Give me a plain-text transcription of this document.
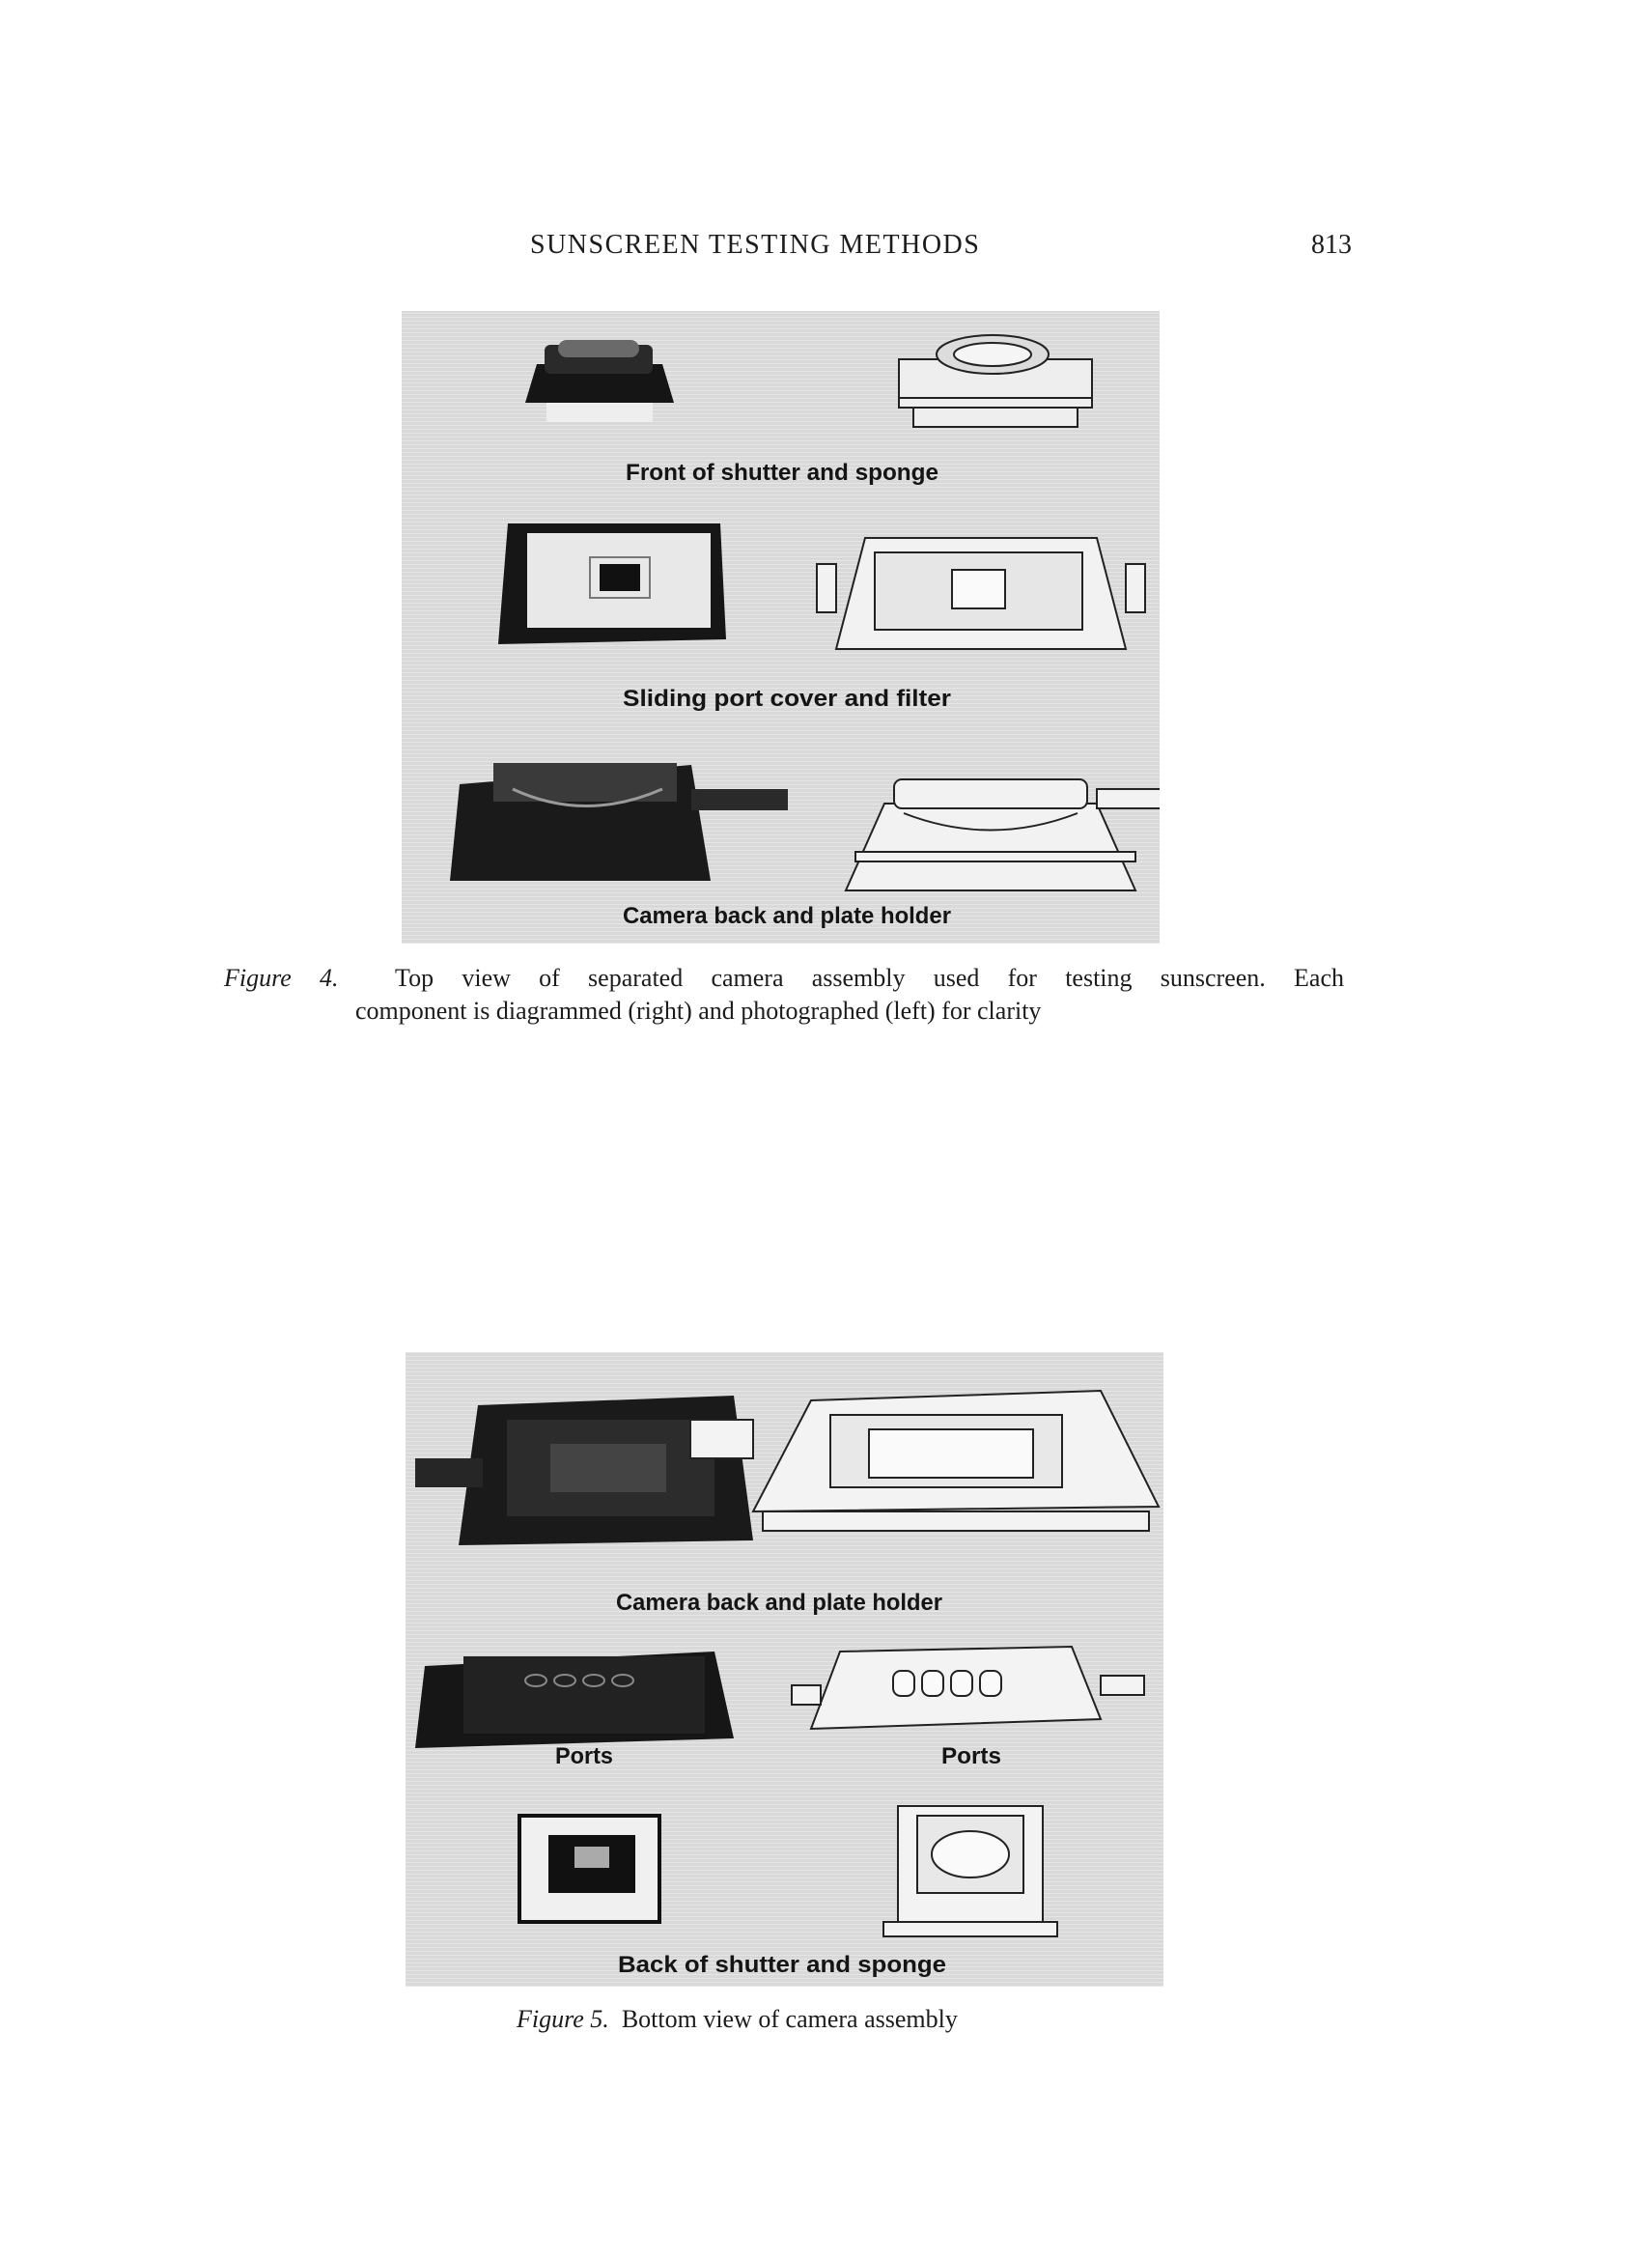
SUNSCREEN TESTING METHODS	813
Front of shutter and sponge
Sliding port cover and filter
Camera back and plate holder
Figure 4. Top view of separated camera assembly used for testing sunscreen. Each
component is diagrammed (right) and photographed (left) for clarity
Camera back and plate holder
Ports	Ports
Back of shutter and sponge
Figure 5. Bottom view of camera assembly
